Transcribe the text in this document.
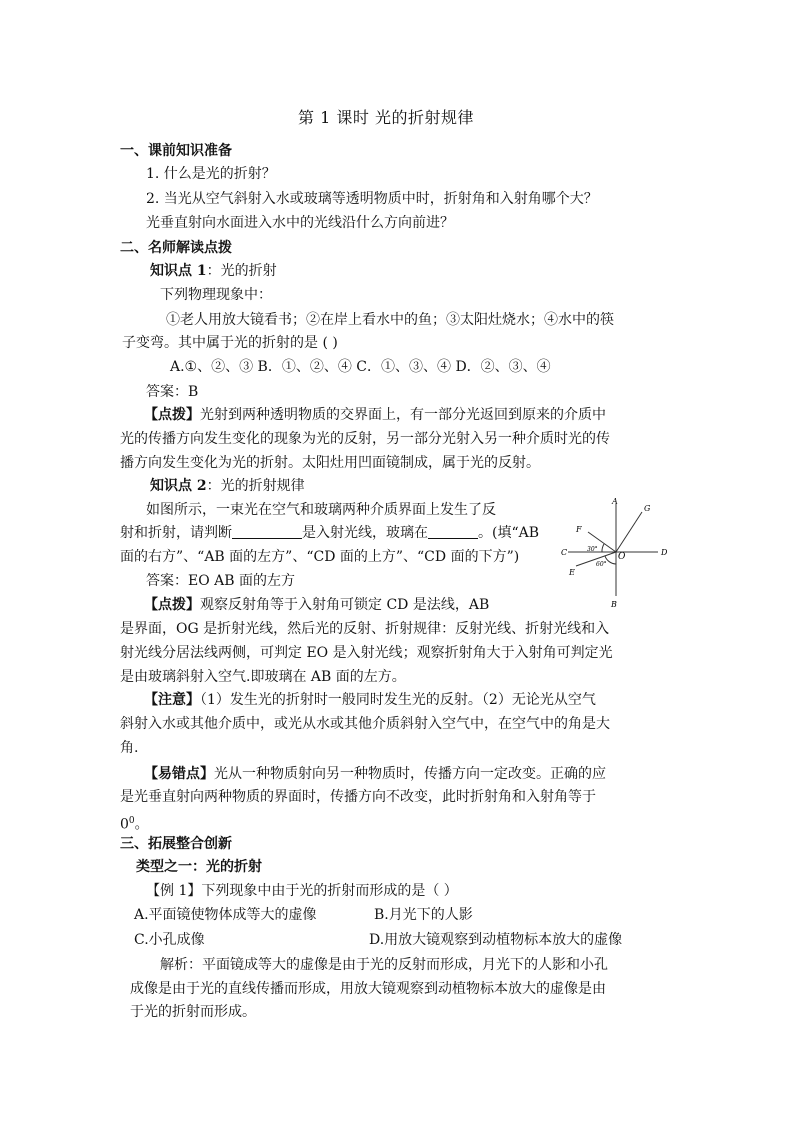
第 1 课时 光的折射规律
一、课前知识准备
1. 什么是光的折射？
2. 当光从空气斜射入水或玻璃等透明物质中时，折射角和入射角哪个大？
光垂直射向水面进入水中的光线沿什么方向前进？
二、名师解读点拨
知识点 1：光的折射
下列物理现象中：
①老人用放大镜看书；②在岸上看水中的鱼；③太阳灶烧水；④水中的筷
子变弯。其中属于光的折射的是 ( )
A.①、②、③ B．①、②、④ C．①、③、④ D．②、③、④
答案：B
【点拨】光射到两种透明物质的交界面上，有一部分光返回到原来的介质中
光的传播方向发生变化的现象为光的反射，另一部分光射入另一种介质时光的传
播方向发生变化为光的折射。太阳灶用凹面镜制成，属于光的反射。
知识点 2：光的折射规律
如图所示，一束光在空气和玻璃两种介质界面上发生了反
射和折射，请判断	是入射光线，玻璃在	。(填“AB
面的右方”、“AB 面的左方”、“CD 面的上方”、“CD 面的下方”)
答案：EO AB 面的左方
【点拨】观察反射角等于入射角可锁定 CD 是法线，AB
是界面，OG 是折射光线，然后光的反射、折射规律：反射光线、折射光线和入
射光线分居法线两侧，可判定 EO 是入射光线；观察折射角大于入射角可判定光
是由玻璃斜射入空气.即玻璃在 AB 面的左方。
【注意】（1）发生光的折射时一般同时发生光的反射。（2）无论光从空气
斜射入水或其他介质中，或光从水或其他介质斜射入空气中，在空气中的角是大
角.
【易错点】光从一种物质射向另一种物质时，传播方向一定改变。正确的应
是光垂直射向两种物质的界面时，传播方向不改变，此时折射角和入射角等于
$0^0$。
A
B
C	D
E
F
G
O
30°
60°
三、拓展整合创新
类型之一：光的折射
【例 1】下列现象中由于光的折射而形成的是（ ）
A.平面镜使物体成等大的虚像	B.月光下的人影
C.小孔成像	D.用放大镜观察到动植物标本放大的虚像
解析：平面镜成等大的虚像是由于光的反射而形成，月光下的人影和小孔
成像是由于光的直线传播而形成，用放大镜观察到动植物标本放大的虚像是由
于光的折射而形成。
